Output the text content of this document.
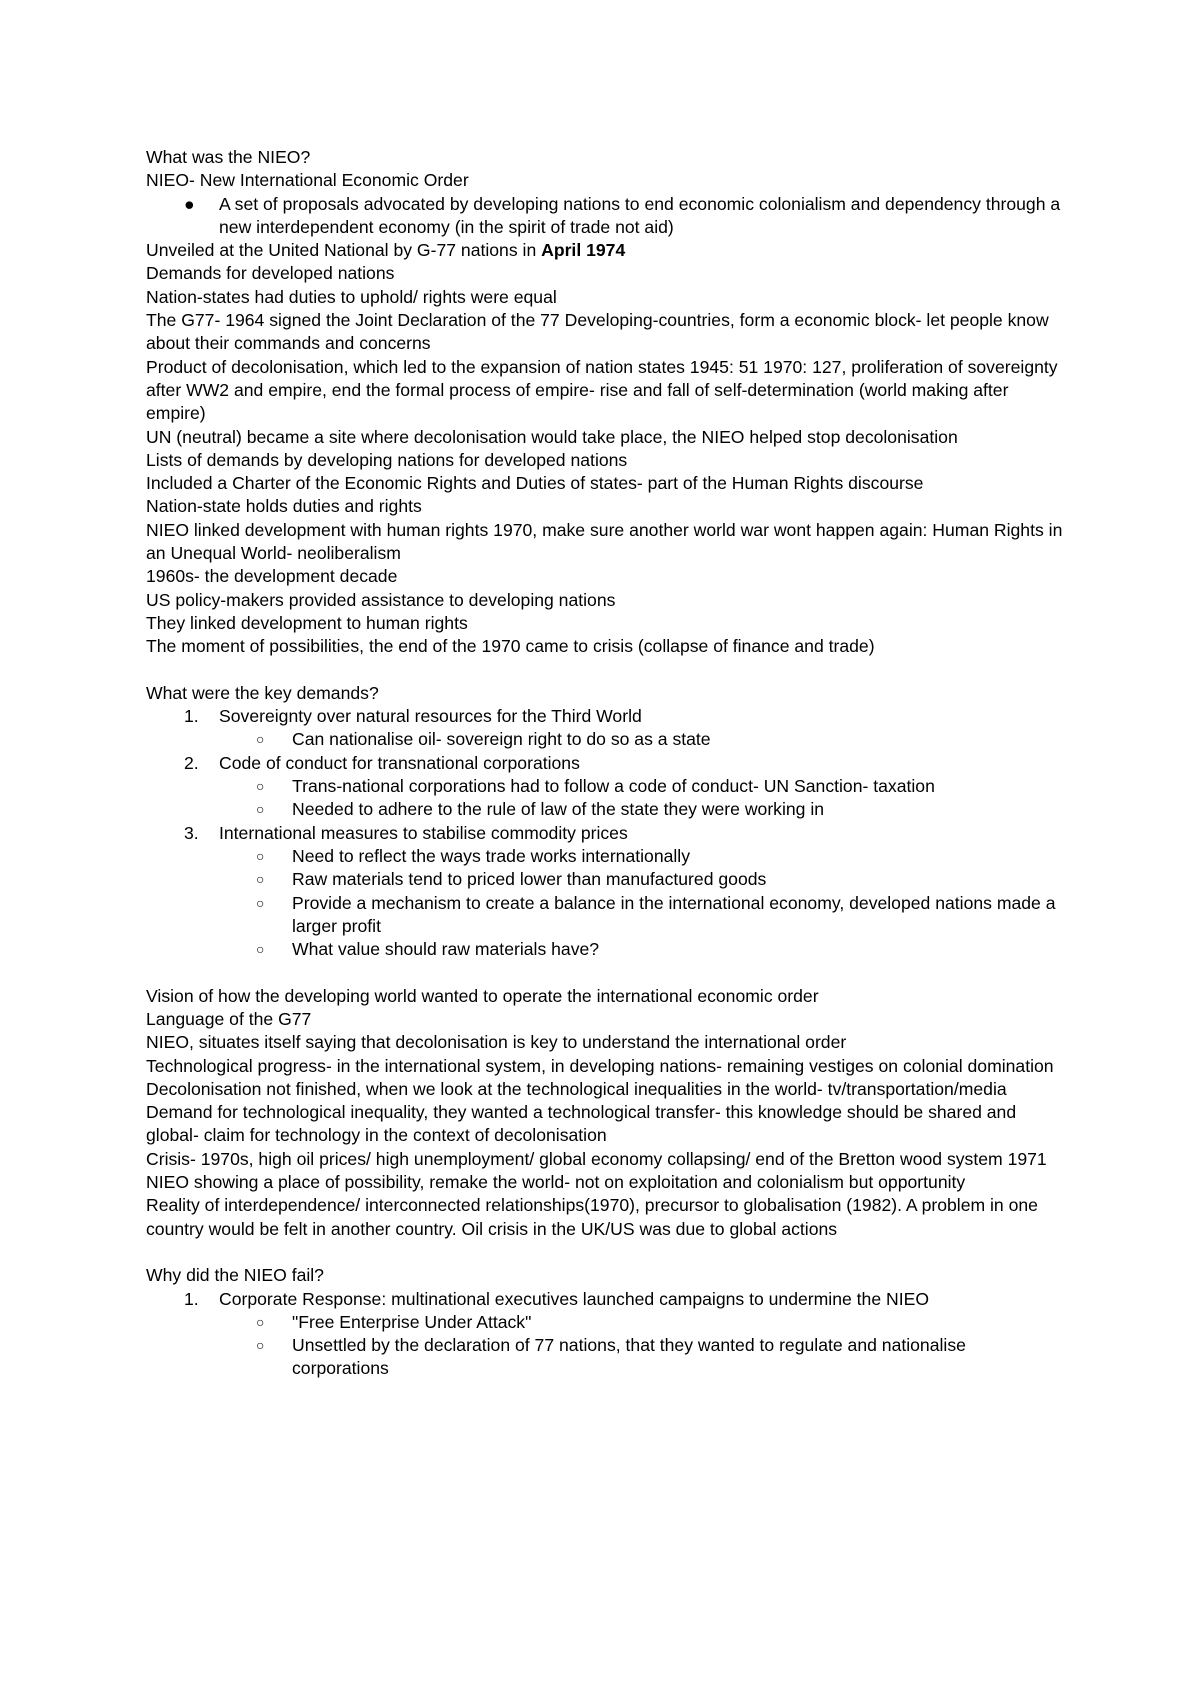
What was the NIEO?

NIEO- New International Economic Order

● A set of proposals advocated by developing nations to end economic colonialism and dependency through a new interdependent economy (in the spirit of trade not aid)

Unveiled at the United National by G-77 nations in April 1974

Demands for developed nations

Nation-states had duties to uphold/ rights were equal

The G77- 1964 signed the Joint Declaration of the 77 Developing-countries, form a economic block- let people know about their commands and concerns

Product of decolonisation, which led to the expansion of nation states 1945: 51 1970: 127, proliferation of sovereignty after WW2 and empire, end the formal process of empire- rise and fall of self-determination (world making after empire)

UN (neutral) became a site where decolonisation would take place, the NIEO helped stop decolonisation

Lists of demands by developing nations for developed nations

Included a Charter of the Economic Rights and Duties of states- part of the Human Rights discourse

Nation-state holds duties and rights

NIEO linked development with human rights 1970, make sure another world war wont happen again: Human Rights in an Unequal World- neoliberalism

1960s- the development decade

US policy-makers provided assistance to developing nations

They linked development to human rights

The moment of possibilities, the end of the 1970 came to crisis (collapse of finance and trade)

What were the key demands?

1. Sovereignty over natural resources for the Third World
○ Can nationalise oil- sovereign right to do so as a state
2. Code of conduct for transnational corporations
○ Trans-national corporations had to follow a code of conduct- UN Sanction- taxation
○ Needed to adhere to the rule of law of the state they were working in
3. International measures to stabilise commodity prices
○ Need to reflect the ways trade works internationally
○ Raw materials tend to priced lower than manufactured goods
○ Provide a mechanism to create a balance in the international economy, developed nations made a larger profit
○ What value should raw materials have?

Vision of how the developing world wanted to operate the international economic order

Language of the G77

NIEO, situates itself saying that decolonisation is key to understand the international order

Technological progress- in the international system, in developing nations- remaining vestiges on colonial domination

Decolonisation not finished, when we look at the technological inequalities in the world- tv/transportation/media

Demand for technological inequality, they wanted a technological transfer- this knowledge should be shared and global- claim for technology in the context of decolonisation

Crisis- 1970s, high oil prices/ high unemployment/ global economy collapsing/ end of the Bretton wood system 1971

NIEO showing a place of possibility, remake the world- not on exploitation and colonialism but opportunity

Reality of interdependence/ interconnected relationships(1970), precursor to globalisation (1982). A problem in one country would be felt in another country. Oil crisis in the UK/US was due to global actions

Why did the NIEO fail?

1. Corporate Response: multinational executives launched campaigns to undermine the NIEO
○ "Free Enterprise Under Attack"
○ Unsettled by the declaration of 77 nations, that they wanted to regulate and nationalise corporations
